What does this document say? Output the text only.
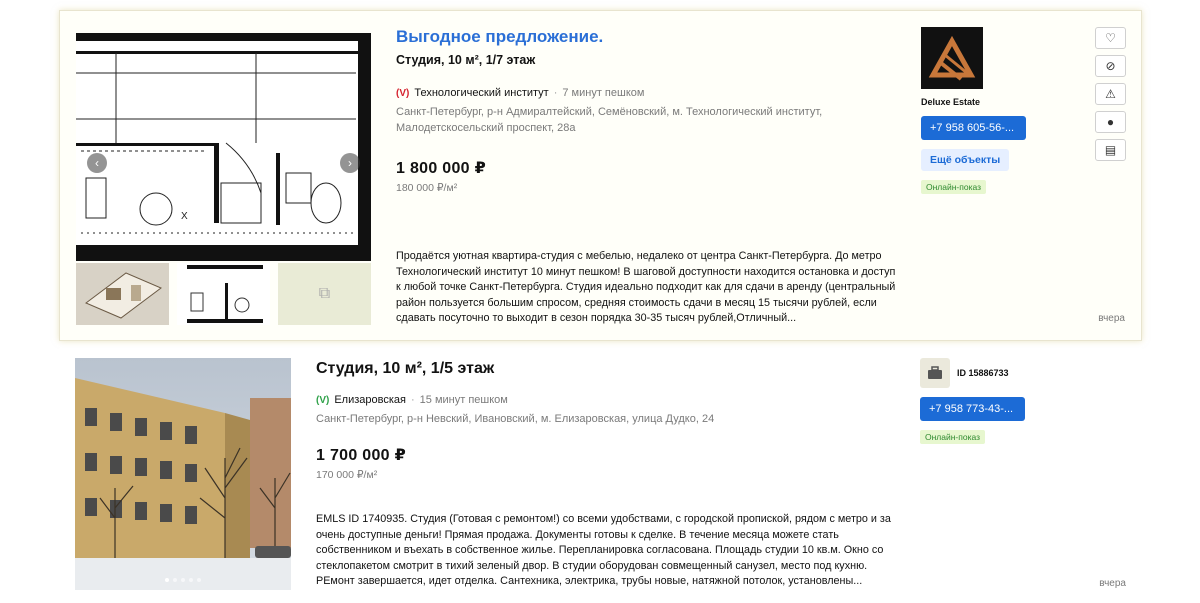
X
‹	›
⧉
Выгодное предложение.
Студия, 10 м², 1/7 этаж
(V) Технологический институт · 7 минут пешком
Санкт-Петербург, р-н Адмиралтейский, Семёновский, м. Технологический институт,
Малодетскосельский проспект, 28а
1 800 000 ₽
180 000 ₽/м²
Продаётся уютная квартира-студия с мебелью, недалеко от центра Санкт-Петербурга. До метро Технологический институт 10 минут пешком! В шаговой доступности находится остановка и доступ к любой точке Санкт-Петербурга. Студия идеально подходит как для сдачи в аренду (центральный район пользуется большим спросом, средняя стоимость сдачи в месяц 15 тысячи рублей, если сдавать посуточно то выходит в сезон порядка 30-35 тысяч рублей,Отличный...
Deluxe Estate
+7 958 605-56-...
Ещё объекты
Онлайн-показ
♡
⊘
⚠
●
▤
вчера
Студия, 10 м², 1/5 этаж
(V) Елизаровская · 15 минут пешком
Санкт-Петербург, р-н Невский, Ивановский, м. Елизаровская, улица Дудко, 24
1 700 000 ₽
170 000 ₽/м²
EMLS ID 1740935. Студия (Готовая с ремонтом!) со всеми удобствами, с городской пропиской, рядом с метро и за очень доступные деньги! Прямая продажа. Документы готовы к сделке. В течение месяца можете стать собственником и въехать в собственное жилье. Перепланировка согласована. Площадь студии 10 кв.м. Окно со стеклопакетом смотрит в тихий зеленый двор. В студии оборудован совмещенный санузел, место под кухню. РЕмонт завершается, идет отделка. Сантехника, электрика, трубы новые, натяжной потолок, установлены...
ID 15886733
+7 958 773-43-...
Онлайн-показ
вчера
